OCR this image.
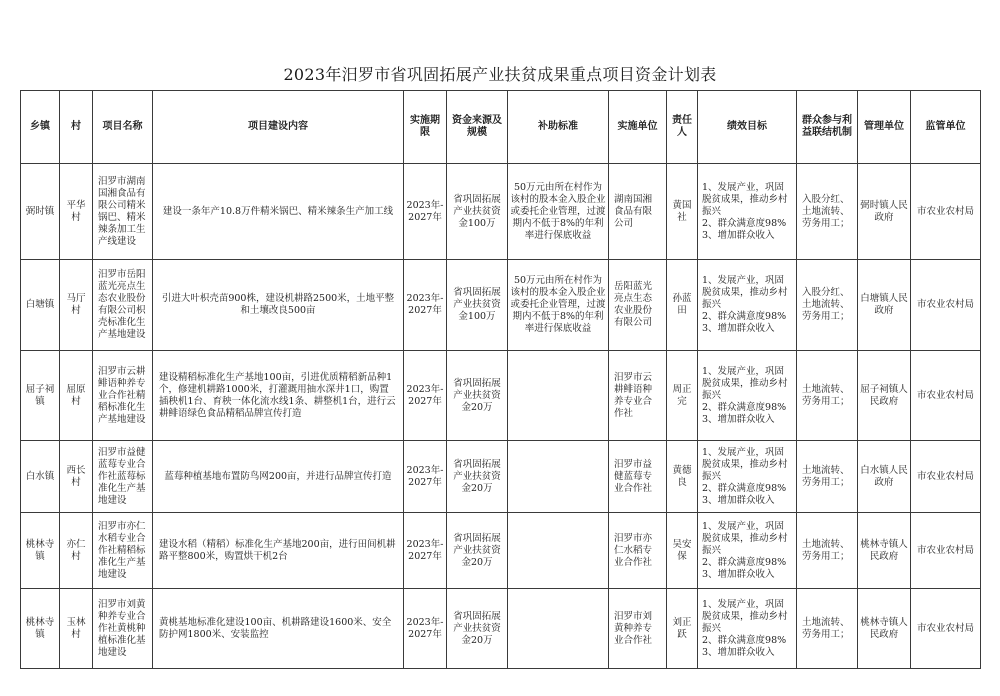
2023年汨罗市省巩固拓展产业扶贫成果重点项目资金计划表
乡镇	村	项目名称	项目建设内容	实施期限	资金来源及规模	补助标准	实施单位	责任人	绩效目标	群众参与利益联结机制	管理单位	监管单位
弼时镇	平华村	汨罗市湖南国湘食品有限公司精米锅巴、精米辣条加工生产线建设	建设一条年产10.8万件精米锅巴、精米辣条生产加工线	2023年-2027年	省巩固拓展产业扶贫资金100万	50万元由所在村作为该村的股本金入股企业或委托企业管理，过渡期内不低于8%的年利率进行保底收益	湖南国湘食品有限公司	黄国社	1、发展产业，巩固脱贫成果，推动乡村振兴
2、群众满意度98%
3、增加群众收入	入股分红、土地流转、劳务用工；	弼时镇人民政府	市农业农村局
白塘镇	马厅村	汨罗市岳阳蓝光亮点生态农业股份有限公司枳壳标准化生产基地建设	引进大叶枳壳苗900株，建设机耕路2500米，土地平整和土壤改良500亩	2023年-2027年	省巩固拓展产业扶贫资金100万	50万元由所在村作为该村的股本金入股企业或委托企业管理，过渡期内不低于8%的年利率进行保底收益	岳阳蓝光亮点生态农业股份有限公司	孙蓝田	1、发展产业，巩固脱贫成果，推动乡村振兴
2、群众满意度98%
3、增加群众收入	入股分红、土地流转、劳务用工；	白塘镇人民政府	市农业农村局
屈子祠镇	屈原村	汨罗市云耕鲱语种养专业合作社精稻标准化生产基地建设	建设精稻标准化生产基地100亩，引进优质精稻新品种1个，修建机耕路1000米，打灌溉用抽水深井1口，购置插秧机1台、育秧一体化流水线1条、耕整机1台，进行云耕鲱语绿色食品精稻品牌宣传打造	2023年-2027年	省巩固拓展产业扶贫资金20万		汨罗市云耕鲱语种养专业合作社	周正完	1、发展产业，巩固脱贫成果，推动乡村振兴
2、群众满意度98%
3、增加群众收入	土地流转、劳务用工；	屈子祠镇人民政府	市农业农村局
白水镇	西长村	汨罗市益健蓝莓专业合作社蓝莓标准化生产基地建设	蓝莓种植基地布置防鸟网200亩，并进行品牌宣传打造	2023年-2027年	省巩固拓展产业扶贫资金20万		汨罗市益健蓝莓专业合作社	黄德良	1、发展产业，巩固脱贫成果，推动乡村振兴
2、群众满意度98%
3、增加群众收入	土地流转、劳务用工；	白水镇人民政府	市农业农村局
桃林寺镇	亦仁村	汨罗市亦仁水稻专业合作社精稻标准化生产基地建设	建设水稻（精稻）标准化生产基地200亩，进行田间机耕路平整800米，购置烘干机2台	2023年-2027年	省巩固拓展产业扶贫资金20万		汨罗市亦仁水稻专业合作社	吴安保	1、发展产业，巩固脱贫成果，推动乡村振兴
2、群众满意度98%
3、增加群众收入	土地流转、劳务用工；	桃林寺镇人民政府	市农业农村局
桃林寺镇	玉林村	汨罗市刘黄种养专业合作社黄桃种植标准化基地建设	黄桃基地标准化建设100亩、机耕路建设1600米、安全防护网1800米、安装监控	2023年-2027年	省巩固拓展产业扶贫资金20万		汨罗市刘黄种养专业合作社	刘正跃	1、发展产业，巩固脱贫成果，推动乡村振兴
2、群众满意度98%
3、增加群众收入	土地流转、劳务用工；	桃林寺镇人民政府	市农业农村局
